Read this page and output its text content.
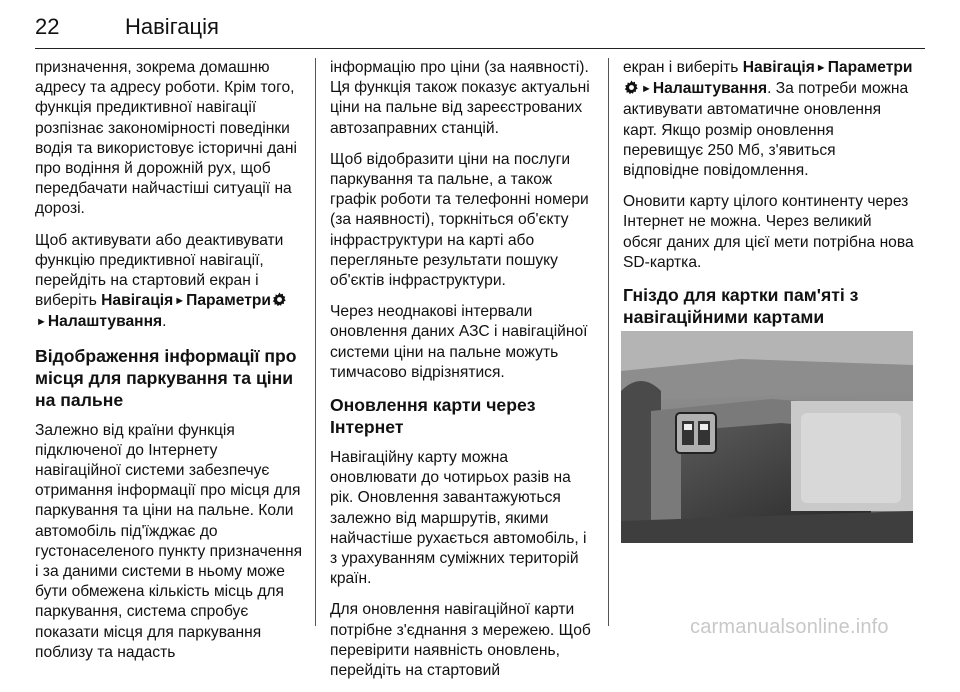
22	Навігація

призначення, зокрема домашню адресу та адресу роботи. Крім того, функція предиктивної навігації розпізнає закономірності поведінки водія та використовує історичні дані про водіння й дорожній рух, щоб передбачати найчастіші ситуації на дорозі.

Щоб активувати або деактивувати функцію предиктивної навігації, перейдіть на стартовий екран і виберіть Навігація►Параметри►Налаштування.

Відображення інформації про місця для паркування та ціни на пальне

Залежно від країни функція підключеної до Інтернету навігаційної системи забезпечує отримання інформації про місця для паркування та ціни на пальне. Коли автомобіль під'їжджає до густонаселеного пункту призначення і за даними системи в ньому може бути обмежена кількість місць для паркування, система спробує показати місця для паркування поблизу та надасть

інформацію про ціни (за наявності). Ця функція також показує актуальні ціни на пальне від зареєстрованих автозаправних станцій.

Щоб відобразити ціни на послуги паркування та пальне, а також графік роботи та телефонні номери (за наявності), торкніться об'єкту інфраструктури на карті або перегляньте результати пошуку об'єктів інфраструктури.

Через неоднакові інтервали оновлення даних АЗС і навігаційної системи ціни на пальне можуть тимчасово відрізнятися.

Оновлення карти через Інтернет

Навігаційну карту можна оновлювати до чотирьох разів на рік. Оновлення завантажуються залежно від маршрутів, якими найчастіше рухається автомобіль, і з урахуванням суміжних територій країн.

Для оновлення навігаційної карти потрібне з'єднання з мережею. Щоб перевірити наявність оновлень, перейдіть на стартовий

екран і виберіть Навігація►Параметри►Налаштування. За потреби можна активувати автоматичне оновлення карт. Якщо розмір оновлення перевищує 250 Мб, з'явиться відповідне повідомлення.

Оновити карту цілого континенту через Інтернет не можна. Через великий обсяг даних для цієї мети потрібна нова SD-картка.

Гніздо для картки пам'яті з навігаційними картами
carmanualsonline.info
